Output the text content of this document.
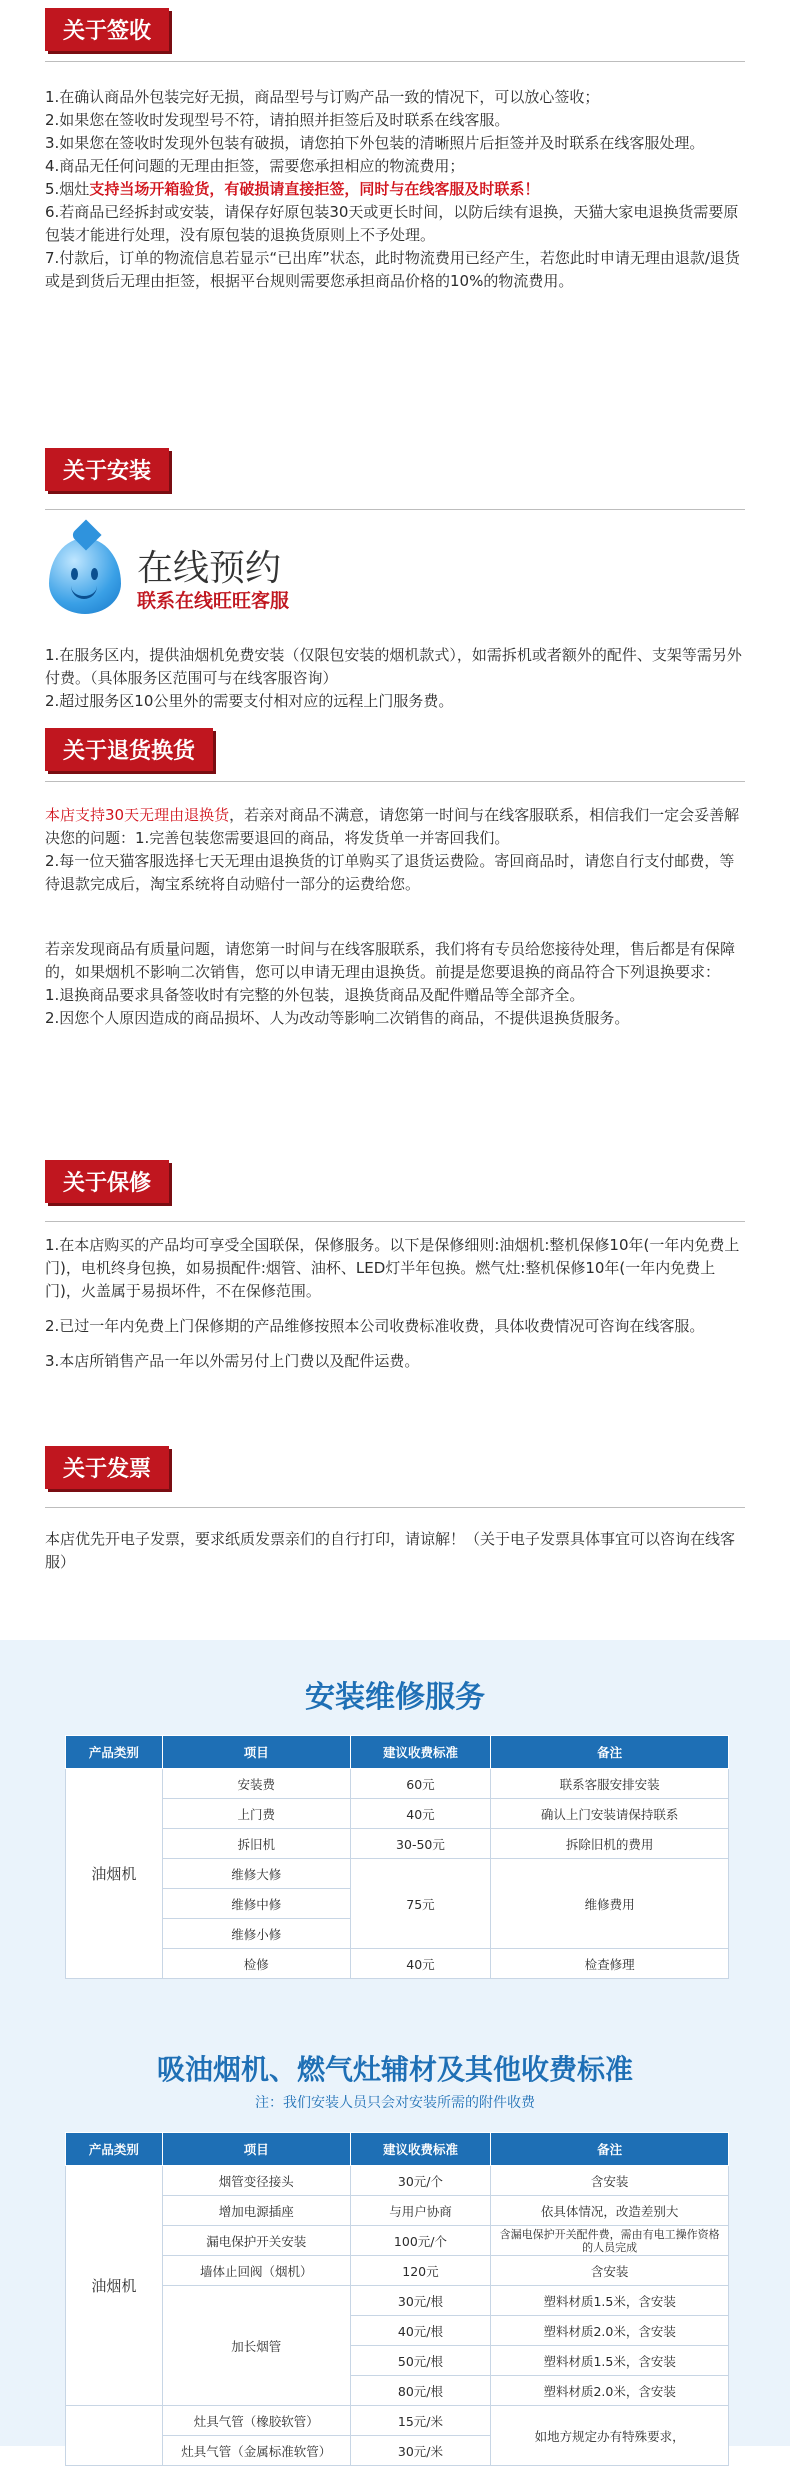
关于签收

1.在确认商品外包装完好无损，商品型号与订购产品一致的情况下，可以放心签收；

2.如果您在签收时发现型号不符，请拍照并拒签后及时联系在线客服。

3.如果您在签收时发现外包装有破损，请您拍下外包装的清晰照片后拒签并及时联系在线客服处理。

4.商品无任何问题的无理由拒签，需要您承担相应的物流费用；

5.烟灶支持当场开箱验货，有破损请直接拒签，同时与在线客服及时联系！

6.若商品已经拆封或安装，请保存好原包装30天或更长时间，以防后续有退换，天猫大家电退换货需要原包装才能进行处理，没有原包装的退换货原则上不予处理。

7.付款后，订单的物流信息若显示“已出库”状态，此时物流费用已经产生，若您此时申请无理由退款/退货或是到货后无理由拒签，根据平台规则需要您承担商品价格的10%的物流费用。

关于安装
在线预约
联系在线旺旺客服

1.在服务区内，提供油烟机免费安装（仅限包安装的烟机款式），如需拆机或者额外的配件、支架等需另外付费。（具体服务区范围可与在线客服咨询）

2.超过服务区10公里外的需要支付相对应的远程上门服务费。

关于退货换货

本店支持30天无理由退换货，若亲对商品不满意，请您第一时间与在线客服联系，相信我们一定会妥善解决您的问题：1.完善包装您需要退回的商品，将发货单一并寄回我们。

2.每一位天猫客服选择七天无理由退换货的订单购买了退货运费险。寄回商品时，请您自行支付邮费，等待退款完成后，淘宝系统将自动赔付一部分的运费给您。

若亲发现商品有质量问题，请您第一时间与在线客服联系，我们将有专员给您接待处理，售后都是有保障的，如果烟机不影响二次销售，您可以申请无理由退换货。前提是您要退换的商品符合下列退换要求：

1.退换商品要求具备签收时有完整的外包装，退换货商品及配件赠品等全部齐全。

2.因您个人原因造成的商品损坏、人为改动等影响二次销售的商品，不提供退换货服务。

关于保修

1.在本店购买的产品均可享受全国联保，保修服务。以下是保修细则:油烟机:整机保修10年(一年内免费上门)，电机终身包换，如易损配件:烟管、油杯、LED灯半年包换。燃气灶:整机保修10年(一年内免费上门)，火盖属于易损坏件，不在保修范围。

2.已过一年内免费上门保修期的产品维修按照本公司收费标准收费，具体收费情况可咨询在线客服。

3.本店所销售产品一年以外需另付上门费以及配件运费。

关于发票

本店优先开电子发票，要求纸质发票亲们的自行打印，请谅解！（关于电子发票具体事宜可以咨询在线客服）

安装维修服务
产品类别	项目	建议收费标准	备注
油烟机	安装费	60元	联系客服安排安装
	上门费	40元	确认上门安装请保持联系
	拆旧机	30-50元	拆除旧机的费用
	维修大修	75元	维修费用
	维修中修		
	维修小修		
	检修	40元	检查修理
吸油烟机、燃气灶辅材及其他收费标准
注：我们安装人员只会对安装所需的附件收费
产品类别	项目	建议收费标准	备注
油烟机	烟管变径接头	30元/个	含安装
	增加电源插座	与用户协商	依具体情况，改造差别大
	漏电保护开关安装	100元/个	含漏电保护开关配件费，需由有电工操作资格的人员完成
	墙体止回阀（烟机）	120元	含安装
	加长烟管	30元/根	塑料材质1.5米，含安装
		40元/根	塑料材质2.0米，含安装
		50元/根	塑料材质1.5米，含安装
		80元/根	塑料材质2.0米，含安装
	灶具气管（橡胶软管）	15元/米	如地方规定办有特殊要求，
	灶具气管（金属标准软管）	30元/米	
